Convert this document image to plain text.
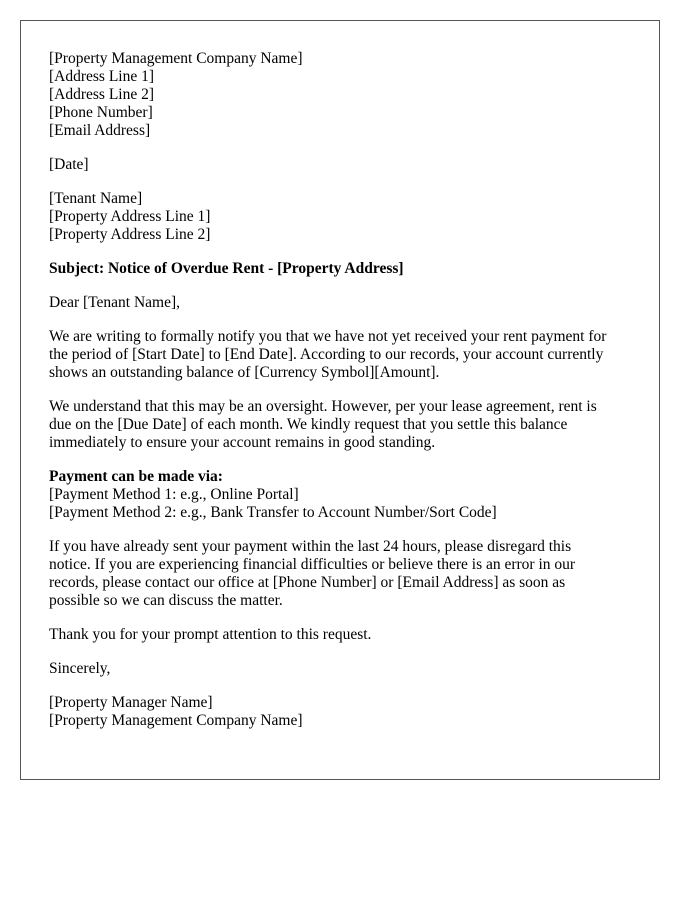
[Property Management Company Name]
[Address Line 1]
[Address Line 2]
[Phone Number]
[Email Address]
[Date]
[Tenant Name]
[Property Address Line 1]
[Property Address Line 2]
Subject: Notice of Overdue Rent - [Property Address]
Dear [Tenant Name],
We are writing to formally notify you that we have not yet received your rent payment for
the period of [Start Date] to [End Date]. According to our records, your account currently
shows an outstanding balance of [Currency Symbol][Amount].
We understand that this may be an oversight. However, per your lease agreement, rent is
due on the [Due Date] of each month. We kindly request that you settle this balance
immediately to ensure your account remains in good standing.
Payment can be made via:
[Payment Method 1: e.g., Online Portal]
[Payment Method 2: e.g., Bank Transfer to Account Number/Sort Code]
If you have already sent your payment within the last 24 hours, please disregard this
notice. If you are experiencing financial difficulties or believe there is an error in our
records, please contact our office at [Phone Number] or [Email Address] as soon as
possible so we can discuss the matter.
Thank you for your prompt attention to this request.
Sincerely,
[Property Manager Name]
[Property Management Company Name]
